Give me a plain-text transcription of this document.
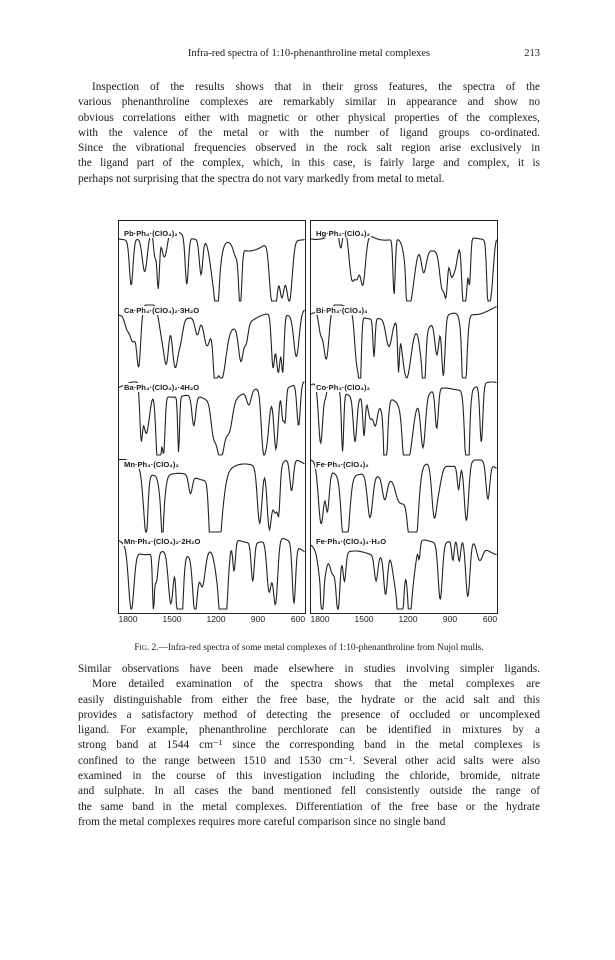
Infra-red spectra of 1:10-phenanthroline metal complexes	213

Inspection of the results shows that in their gross features, the spectra of the
various phenanthroline complexes are remarkably similar in appearance and show no
obvious correlations either with magnetic or other physical properties of the complexes,
with the valence of the metal or with the number of ligand groups co-ordinated.
Since the vibrational frequencies observed in the rock salt region arise exclusively in
the ligand part of the complex, which, in this case, is fairly large and complex, it is
perhaps not surprising that the spectra do not vary markedly from metal to metal.

Pb·Ph₄·(ClO₄)₂
Ca·Ph₄·(ClO₄)₂·3H₂O
Ba·Ph₄·(ClO₄)₂·4H₂O
Mn·Ph₃·(ClO₄)₂
Mn·Ph₄·(ClO₄)₂·2H₂O
Hg·Ph₃·(ClO₄)₂
Bi·Ph₃·(ClO₄)₃
Co·Ph₃·(ClO₄)₂
Fe·Ph₃·(ClO₄)₂
Fe·Ph₃·(ClO₄)₃·H₂O
1800	1500	1200	900	600 1800	1500	1200	900	600
Fig. 2.—Infra-red spectra of some metal complexes of 1:10-phenanthroline from Nujol mulls.

Similar observations have been made elsewhere in studies involving simpler ligands.
More detailed examination of the spectra shows that the metal complexes are
easily distinguishable from either the free base, the hydrate or the acid salt and this
provides a satisfactory method of detecting the presence of occluded or uncomplexed
ligand. For example, phenanthroline perchlorate can be identified in mixtures by a
strong band at 1544 cm⁻¹ since the corresponding band in the metal complexes is
confined to the range between 1510 and 1530 cm⁻¹. Several other acid salts were also
examined in the course of this investigation including the chloride, bromide, nitrate
and sulphate. In all cases the band mentioned fell consistently outside the range of
the same band in the metal complexes. Differentiation of the free base or the hydrate
from the metal complexes requires more careful comparison since no single band
